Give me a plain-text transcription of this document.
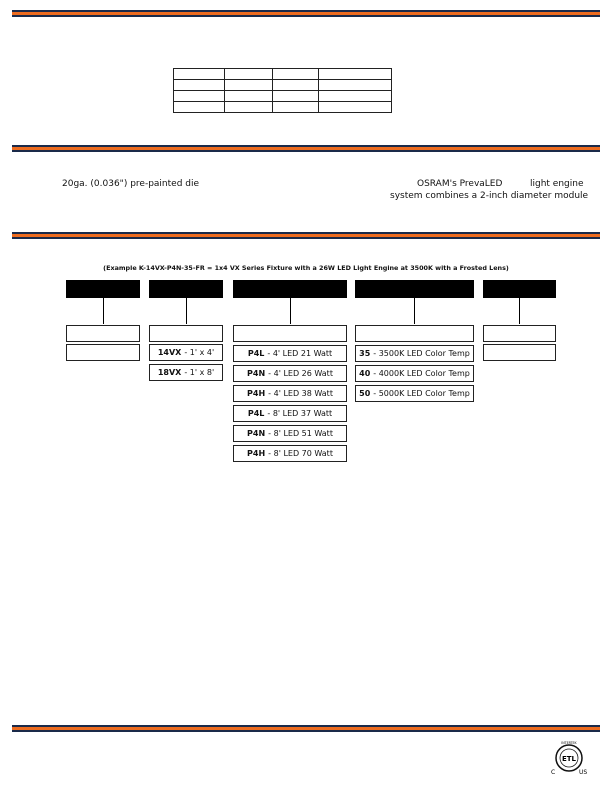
20ga. (0.036") pre-painted die	OSRAM's PrevaLED	light engine
system combines a 2-inch diameter module
(Example K-14VX-P4N-35-FR = 1x4 VX Series Fixture with a 26W LED Light Engine at 3500K with a Frosted Lens)
14VX - 1' x 4'
18VX - 1' x 8'
P4L - 4' LED 21 Watt
P4N - 4' LED 26 Watt
P4H - 4' LED 38 Watt
P4L - 8' LED 37 Watt
P4N - 8' LED 51 Watt
P4H - 8' LED 70 Watt
35 - 3500K LED Color Temp
40 - 4000K LED Color Temp
50 - 5000K LED Color Temp
INTERTEK
ETL
C	US
